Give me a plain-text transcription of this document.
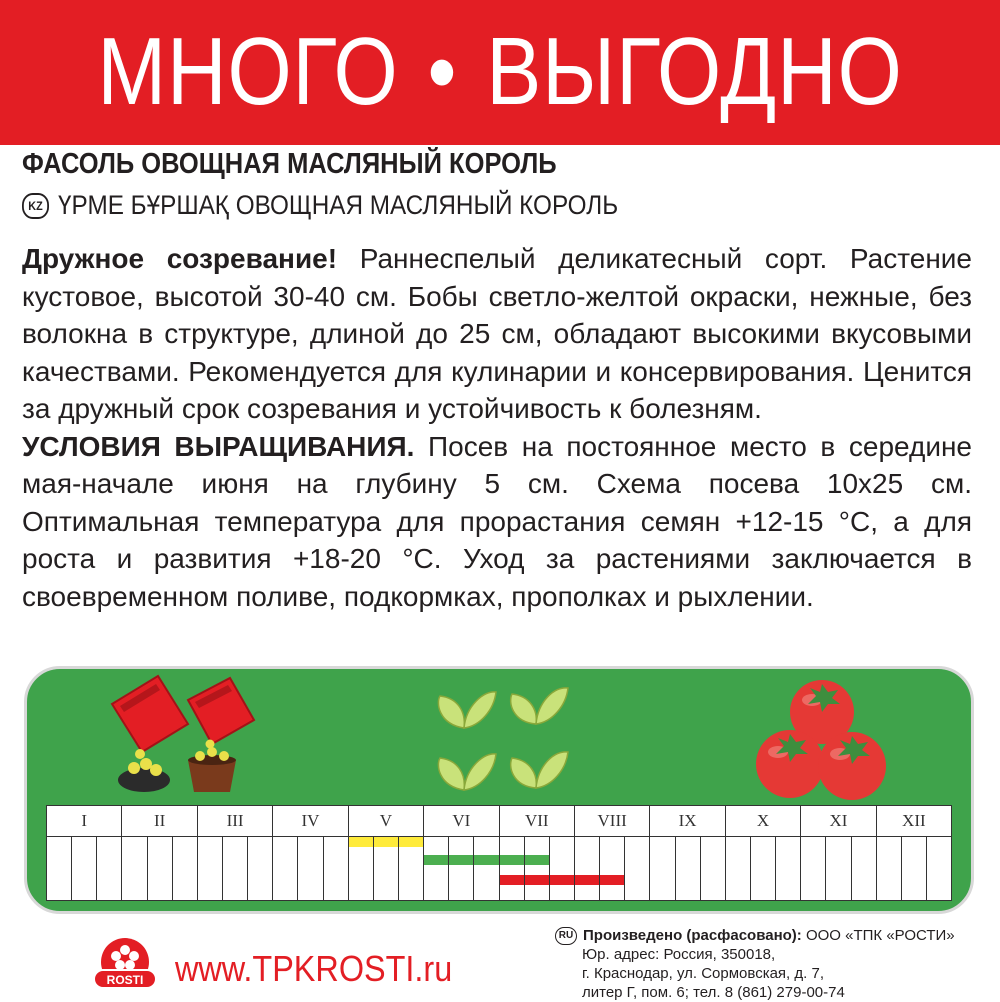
МНОГО • ВЫГОДНО
ФАСОЛЬ ОВОЩНАЯ МАСЛЯНЫЙ КОРОЛЬ
KZ ҮРМЕ БҰРШАҚ ОВОЩНАЯ МАСЛЯНЫЙ КОРОЛЬ

Дружное созревание! Раннеспелый деликатесный сорт. Растение кустовое, высотой 30-40 см. Бобы светло-желтой окраски, нежные, без волокна в структуре, длиной до 25 см, обладают высокими вкусовыми качествами. Рекомендуется для кулинарии и консервирования. Ценится за дружный срок созревания и устойчивость к болезням.

УСЛОВИЯ ВЫРАЩИВАНИЯ. Посев на постоянное место в середине мая-начале июня на глубину 5 см. Схема посева 10х25 см. Оптимальная температура для прорастания семян +12-15 °С, а для роста и развития +18-20 °С. Уход за растениями заключается в своевременном поливе, подкормках, прополках и рыхлении.

I	II	III	IV	V	VI	VII	VIII	IX	X	XI	XII
ROSTI www.TPKROSTI.ru
RU Произведено (расфасовано): ООО «ТПК «РОСТИ»
Юр. адрес: Россия, 350018,
г. Краснодар, ул. Сормовская, д. 7,
литер Г, пом. 6; тел. 8 (861) 279-00-74
